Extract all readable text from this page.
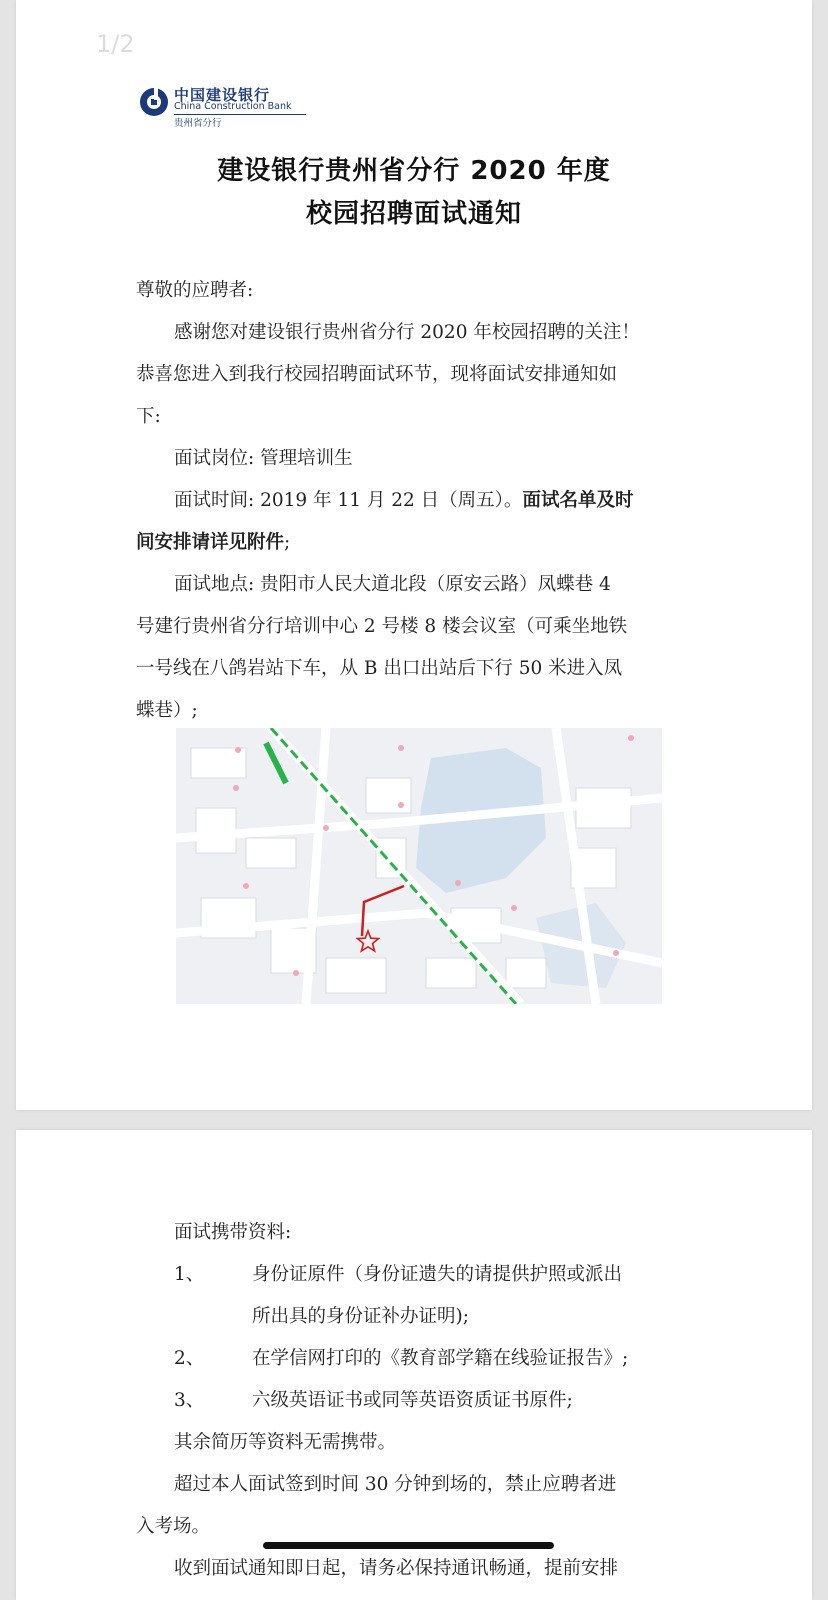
1/2
中国建设银行
China Construction Bank
贵州省分行
建设银行贵州省分行 2020 年度
校园招聘面试通知
尊敬的应聘者:
感谢您对建设银行贵州省分行 2020 年校园招聘的关注！
恭喜您进入到我行校园招聘面试环节，现将面试安排通知如
下:
面试岗位: 管理培训生
面试时间: 2019 年 11 月 22 日（周五）。面试名单及时
间安排请详见附件;
面试地点: 贵阳市人民大道北段（原安云路）凤蝶巷 4
号建行贵州省分行培训中心 2 号楼 8 楼会议室（可乘坐地铁
一号线在八鸽岩站下车，从 B 出口出站后下行 50 米进入凤
蝶巷）;
面试携带资料:
1、	身份证原件（身份证遗失的请提供护照或派出
所出具的身份证补办证明);
2、	在学信网打印的《教育部学籍在线验证报告》;
3、	六级英语证书或同等英语资质证书原件;
其余简历等资料无需携带。
超过本人面试签到时间 30 分钟到场的，禁止应聘者进
入考场。
收到面试通知即日起，请务必保持通讯畅通，提前安排
